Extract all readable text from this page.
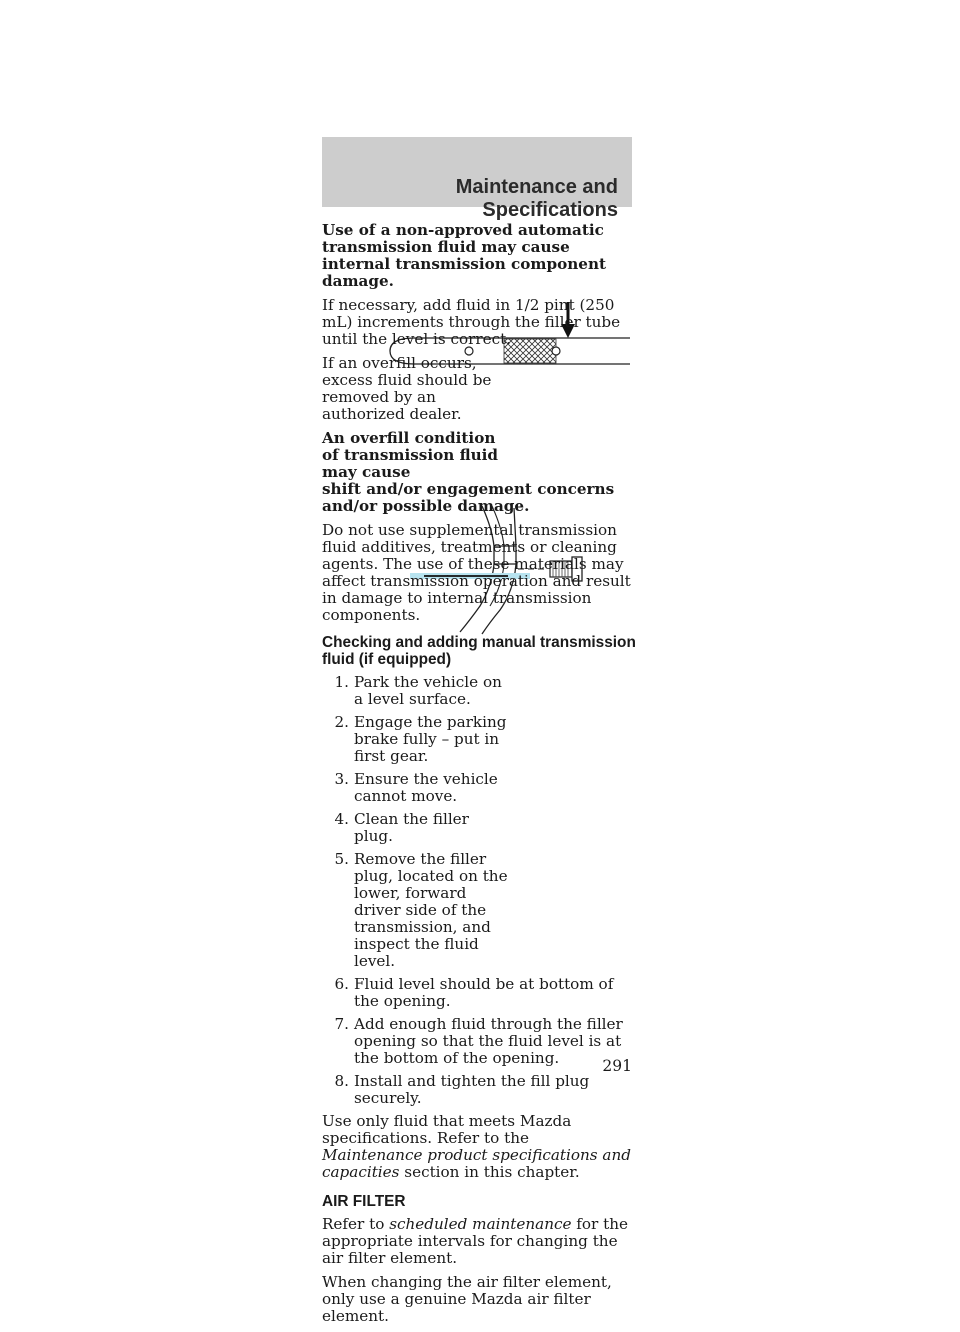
Maintenance and Specifications

Use of a non-approved automatic transmission fluid may cause internal transmission component damage.

If necessary, add fluid in 1/2 pint (250 mL) increments through the filler tube until the level is correct.

If an overfill occurs, excess fluid should be removed by an authorized dealer.

An overfill condition of transmission fluid may cause
shift and/or engagement concerns and/or possible damage.

Do not use supplemental transmission fluid additives, treatments or cleaning agents. The use of these materials may affect transmission operation and result in damage to internal transmission components.

Checking and adding manual transmission fluid (if equipped)
1. Park the vehicle on a level surface.
2. Engage the parking brake fully – put in first gear.
3. Ensure the vehicle cannot move.
4. Clean the filler plug.
5. Remove the filler plug, located on the lower, forward driver side of the transmission, and inspect the fluid level.
6. Fluid level should be at bottom of the opening.
7. Add enough fluid through the filler opening so that the fluid level is at the bottom of the opening.
8. Install and tighten the fill plug securely.

Use only fluid that meets Mazda specifications. Refer to the Maintenance product specifications and capacities section in this chapter.

AIR FILTER

Refer to scheduled maintenance for the appropriate intervals for changing the air filter element.

When changing the air filter element, only use a genuine Mazda air filter element.

291
